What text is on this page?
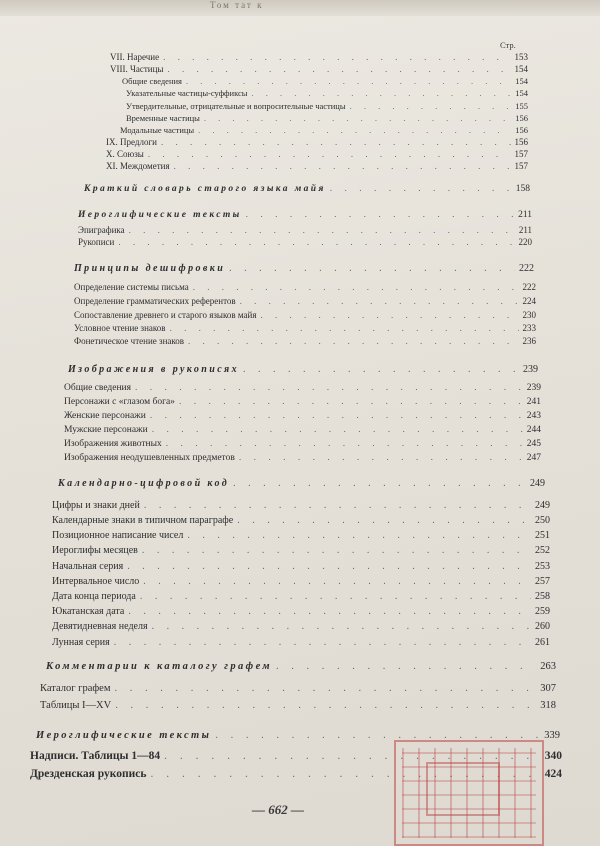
Том тат к
Стр.
VII. Наречие . . .	153
VIII. Частицы . . .	154
Общие сведения . . .	154
Указательные частицы-суффиксы . . .	154
Утвердительные, отрицательные и вопросительные частицы . . .	155
Временные частицы . . .	156
Модальные частицы . . .	156
IX. Предлоги . . .	156
X. Союзы . . .	157
XI. Междометия . . .	157
Краткий словарь старого языка майя . . .	158
Иероглифические тексты . . .	211
Эпиграфика . . .	211
Рукописи . . .	220
Принципы дешифровки . . .	222
Определение системы письма . . .	222
Определение грамматических референтов . . .	224
Сопоставление древнего и старого языков майя . . .	230
Условное чтение знаков . . .	233
Фонетическое чтение знаков . . .	236
Изображения в рукописях . . .	239
Общие сведения . . .	239
Персонажи с «глазом бога» . . .	241
Женские персонажи . . .	243
Мужские персонажи . . .	244
Изображения животных . . .	245
Изображения неодушевленных предметов . . .	247
Календарно-цифровой код . . .	249
Цифры и знаки дней . . .	249
Календарные знаки в типичном параграфе . . .	250
Позиционное написание чисел . . .	251
Иероглифы месяцев . . .	252
Начальная серия . . .	253
Интервальное число . . .	257
Дата конца периода . . .	258
Юкатанская дата . . .	259
Девятидневная неделя . . .	260
Лунная серия . . .	261
Комментарии к каталогу графем . . .	263
Каталог графем . . .	307
Таблицы I—XV . . .	318
Иероглифические тексты . . .	339
Надписи. Таблицы 1—84 . . .	340
Дрезденская рукопись . . .	424
— 662 —
